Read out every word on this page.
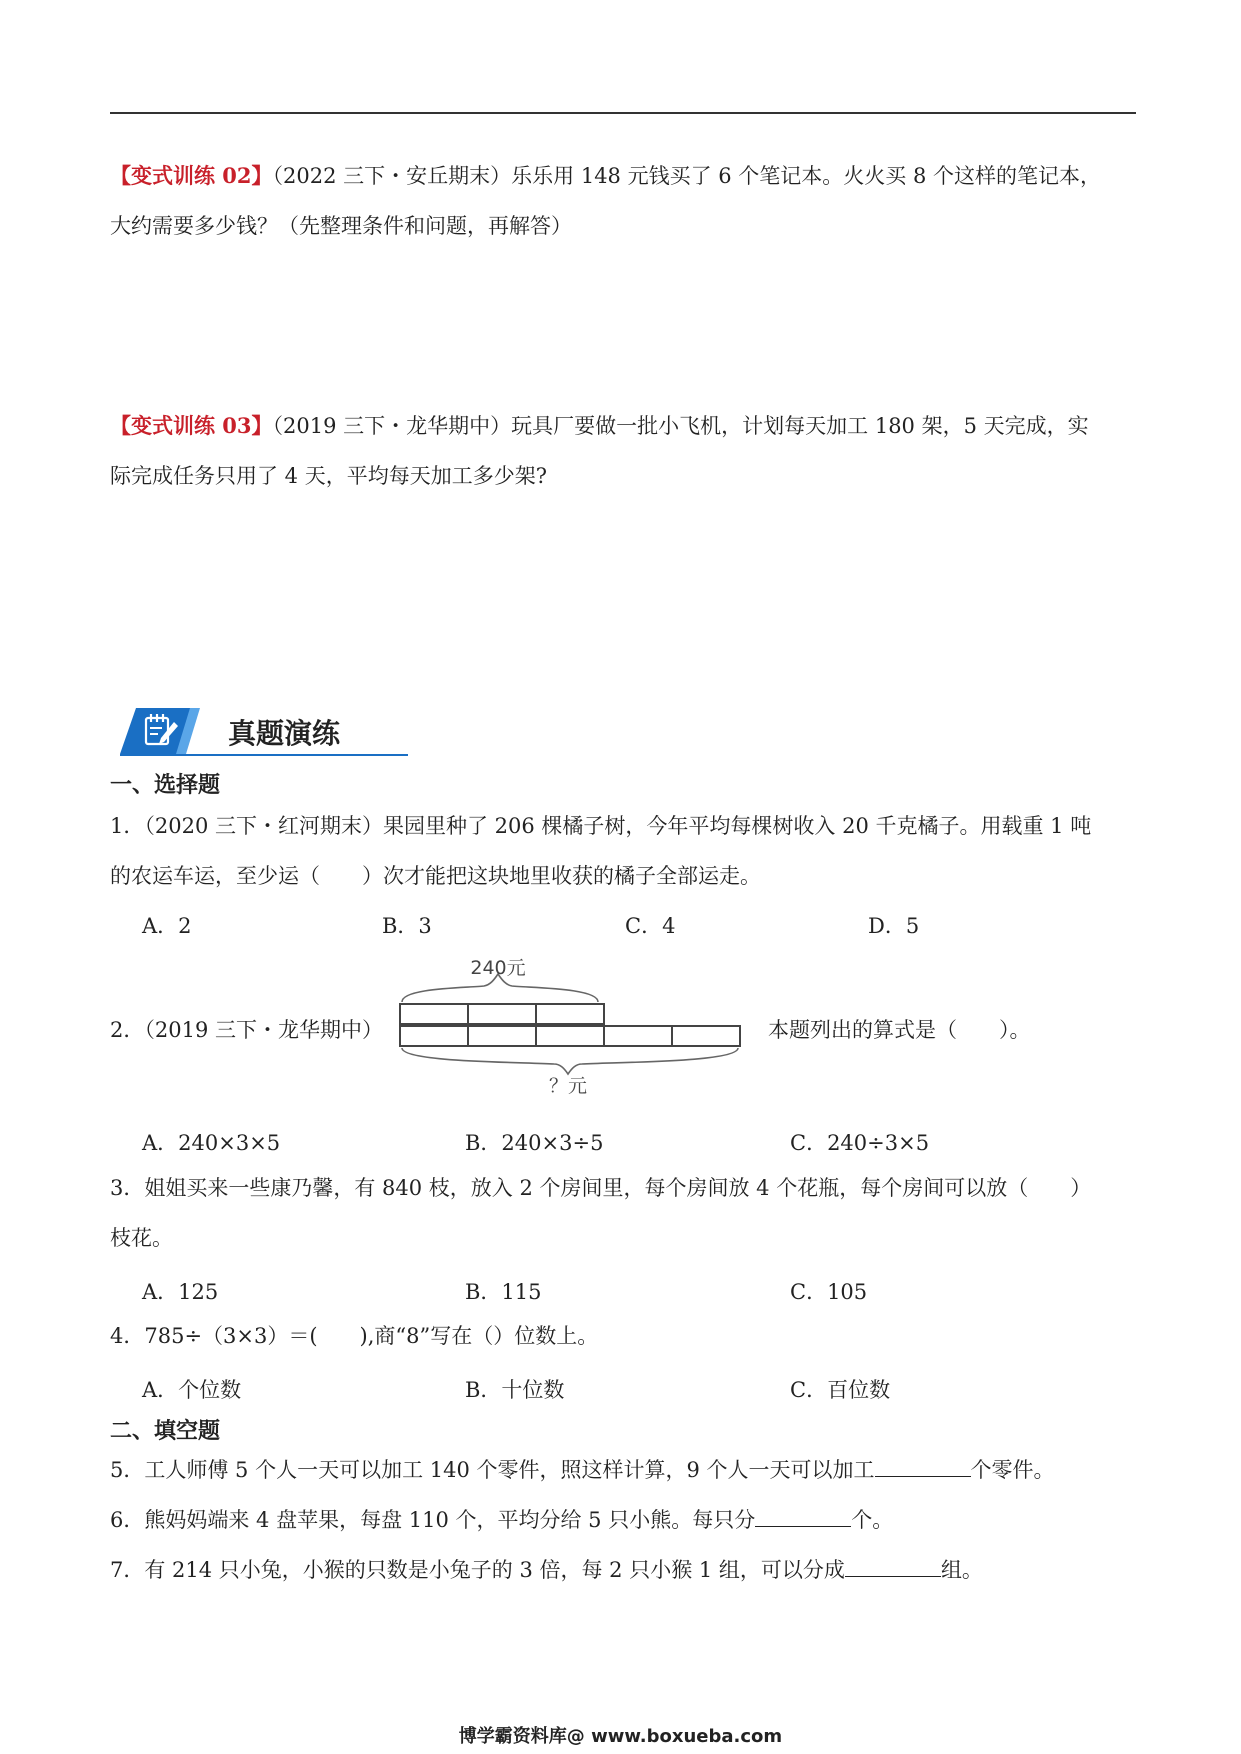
【变式训练 02】（2022 三下・安丘期末）乐乐用 148 元钱买了 6 个笔记本。火火买 8 个这样的笔记本，
大约需要多少钱？（先整理条件和问题，再解答）
【变式训练 03】（2019 三下・龙华期中）玩具厂要做一批小飞机，计划每天加工 180 架，5 天完成，实
际完成任务只用了 4 天，平均每天加工多少架?
真题演练
一、选择题
1．（2020 三下・红河期末）果园里种了 206 棵橘子树，今年平均每棵树收入 20 千克橘子。用载重 1 吨
的农运车运，至少运（　　）次才能把这块地里收获的橘子全部运走。
A．2	B．3	C．4	D．5
2．（2019 三下・龙华期中）
240元
？元
本题列出的算式是（　　）。
A．240×3×5	B．240×3÷5	C．240÷3×5
3．姐姐买来一些康乃馨，有 840 枝，放入 2 个房间里，每个房间放 4 个花瓶，每个房间可以放（　　）
枝花。
A．125	B．115	C．105
4．785÷（3×3）＝(　　),商“8”写在（）位数上。
A．个位数	B．十位数	C．百位数
二、填空题
5．工人师傅 5 个人一天可以加工 140 个零件，照这样计算，9 个人一天可以加工	个零件。
6．熊妈妈端来 4 盘苹果，每盘 110 个，平均分给 5 只小熊。每只分	个。
7．有 214 只小兔，小猴的只数是小兔子的 3 倍，每 2 只小猴 1 组，可以分成	组。
博学霸资料库@ www.boxueba.com
